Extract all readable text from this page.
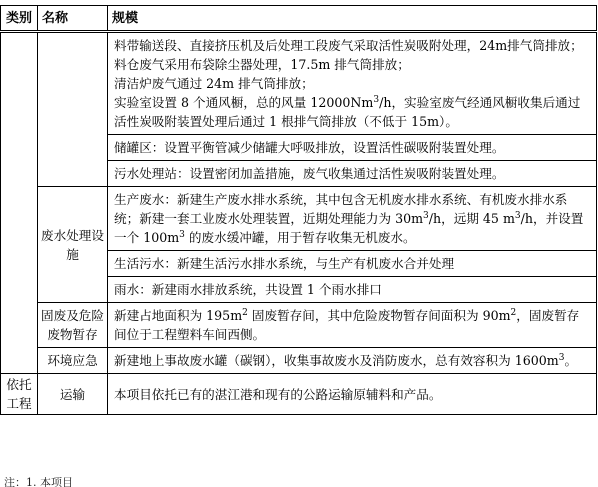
类别	名称	规模

		料带输送段、直接挤压机及后处理工段废气采取活性炭吸附处理，24m排气筒排放；
料仓废气采用布袋除尘器处理，17.5m 排气筒排放；
清洁炉废气通过 24m 排气筒排放；
实验室设置 8 个通风橱，总的风量 12000Nm$^3$/h，实验室废气经通风橱收集后通过活性炭吸附装置处理后通过 1 根排气筒排放（不低于 15m）。

		储罐区：设置平衡管减少储罐大呼吸排放，设置活性碳吸附装置处理。
		污水处理站：设置密闭加盖措施，废气收集通过活性炭吸附装置处理。
	废水处理设施	生产废水：新建生产废水排水系统，其中包含无机废水排水系统、有机废水排水系统；新建一套工业废水处理装置，近期处理能力为 $30m^3/h$，远期 45 $m^3/h$，并设置一个 $100m^3$ 的废水缓冲罐，用于暂存收集无机废水。
		生活污水：新建生活污水排水系统，与生产有机废水合并处理
		雨水：新建雨水排放系统，共设置 1 个雨水排口
	固废及危险废物暂存	新建占地面积为 $195m^2$ 固废暂存间，其中危险废物暂存间面积为 $90m^2$，固废暂存间位于工程塑料车间西侧。
	环境应急	新建地上事故废水罐（碳钢），收集事故废水及消防废水，总有效容积为 $1600m^3$。
依托工程	运输	本项目依托已有的湛江港和现有的公路运输原辅料和产品。
注：1. 本项目
